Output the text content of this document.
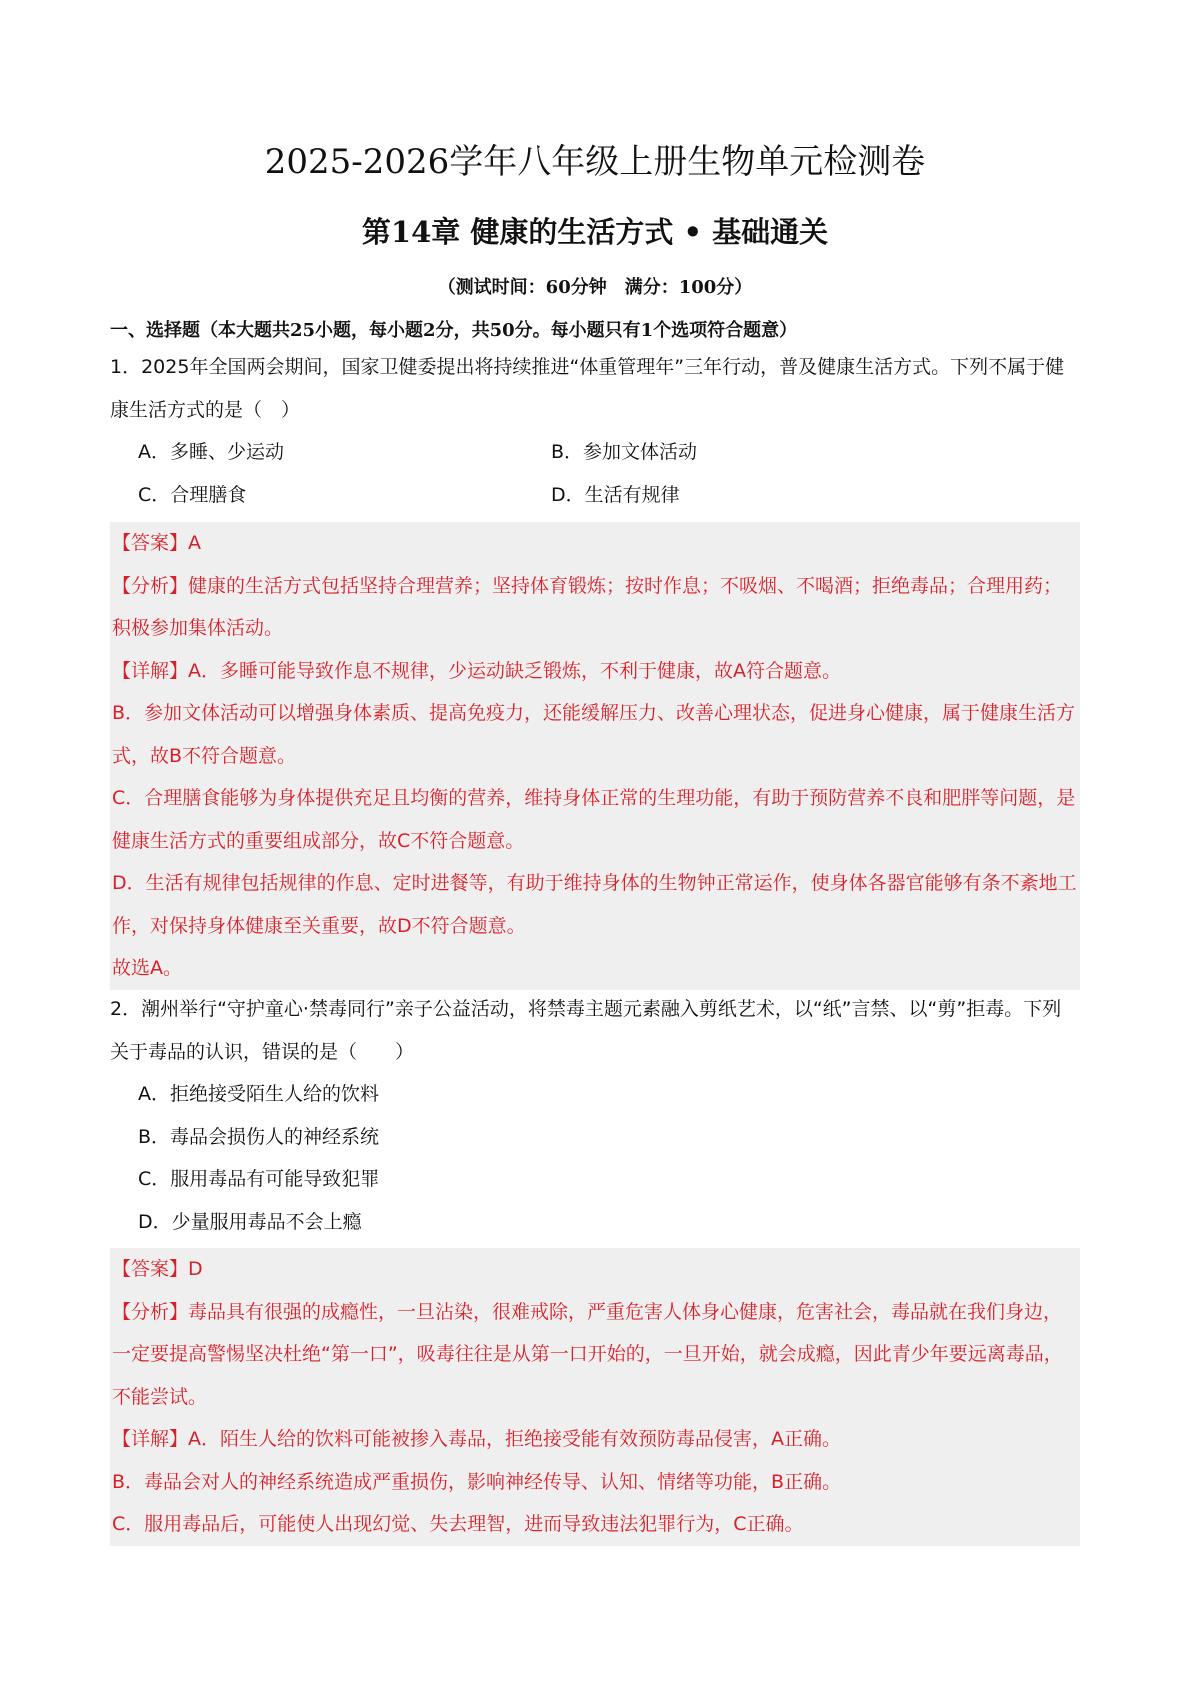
2025-2026学年八年级上册生物单元检测卷
第14章 健康的生活方式 • 基础通关
（测试时间：60分钟　满分：100分）
一、选择题（本大题共25小题，每小题2分，共50分。每小题只有1个选项符合题意）

1．2025年全国两会期间，国家卫健委提出将持续推进“体重管理年”三年行动，普及健康生活方式。下列不属于健康生活方式的是（　）

A．多睡、少运动	B．参加文体活动
C．合理膳食	D．生活有规律

【答案】A

【分析】健康的生活方式包括坚持合理营养；坚持体育锻炼；按时作息；不吸烟、不喝酒；拒绝毒品；合理用药；积极参加集体活动。

【详解】A．多睡可能导致作息不规律，少运动缺乏锻炼，不利于健康，故A符合题意。

B．参加文体活动可以增强身体素质、提高免疫力，还能缓解压力、改善心理状态，促进身心健康，属于健康生活方式，故B不符合题意。

C．合理膳食能够为身体提供充足且均衡的营养，维持身体正常的生理功能，有助于预防营养不良和肥胖等问题，是健康生活方式的重要组成部分，故C不符合题意。

D．生活有规律包括规律的作息、定时进餐等，有助于维持身体的生物钟正常运作，使身体各器官能够有条不紊地工作，对保持身体健康至关重要，故D不符合题意。

故选A。

2．潮州举行“守护童心·禁毒同行”亲子公益活动，将禁毒主题元素融入剪纸艺术，以“纸”言禁、以“剪”拒毒。下列关于毒品的认识，错误的是（　　）

A．拒绝接受陌生人给的饮料
B．毒品会损伤人的神经系统
C．服用毒品有可能导致犯罪
D．少量服用毒品不会上瘾

【答案】D

【分析】毒品具有很强的成瘾性，一旦沾染，很难戒除，严重危害人体身心健康，危害社会，毒品就在我们身边，一定要提高警惕坚决杜绝“第一口”，吸毒往往是从第一口开始的，一旦开始，就会成瘾，因此青少年要远离毒品，不能尝试。

【详解】A．陌生人给的饮料可能被掺入毒品，拒绝接受能有效预防毒品侵害，A正确。

B．毒品会对人的神经系统造成严重损伤，影响神经传导、认知、情绪等功能，B正确。

C．服用毒品后，可能使人出现幻觉、失去理智，进而导致违法犯罪行为，C正确。
